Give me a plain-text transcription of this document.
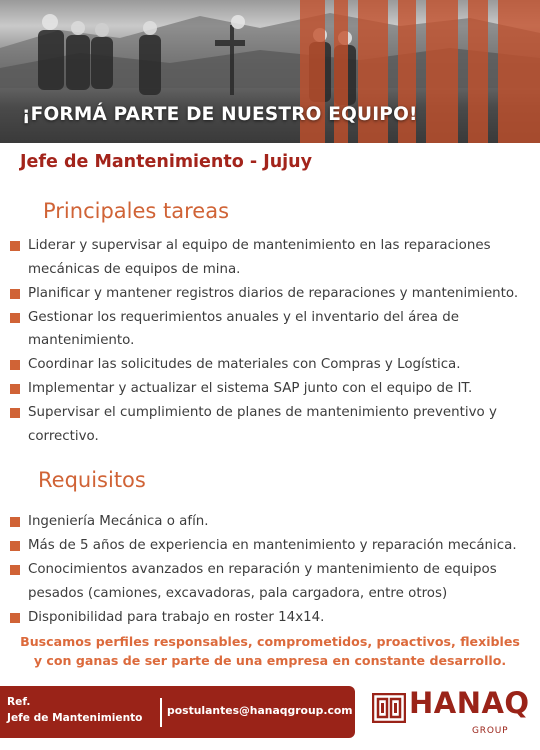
¡FORMÁ PARTE DE NUESTRO EQUIPO!
Jefe de Mantenimiento - Jujuy
Principales tareas
Liderar y supervisar al equipo de mantenimiento en las reparaciones mecánicas de equipos de mina.
Planificar y mantener registros diarios de reparaciones y mantenimiento.
Gestionar los requerimientos anuales y el inventario del área de mantenimiento.
Coordinar las solicitudes de materiales con Compras y Logística.
Implementar y actualizar el sistema SAP junto con el equipo de IT.
Supervisar el cumplimiento de planes de mantenimiento preventivo y correctivo.
Requisitos
Ingeniería Mecánica o afín.
Más de 5 años de experiencia en mantenimiento y reparación mecánica.
Conocimientos avanzados en reparación y mantenimiento de equipos pesados (camiones, excavadoras, pala cargadora, entre otros)
Disponibilidad para trabajo en roster 14x14.
Buscamos perfiles responsables, comprometidos, proactivos, flexibles
y con ganas de ser parte de una empresa en constante desarrollo.
Ref.
Jefe de Mantenimiento
postulantes@hanaqgroup.com HANAQ
GROUP
